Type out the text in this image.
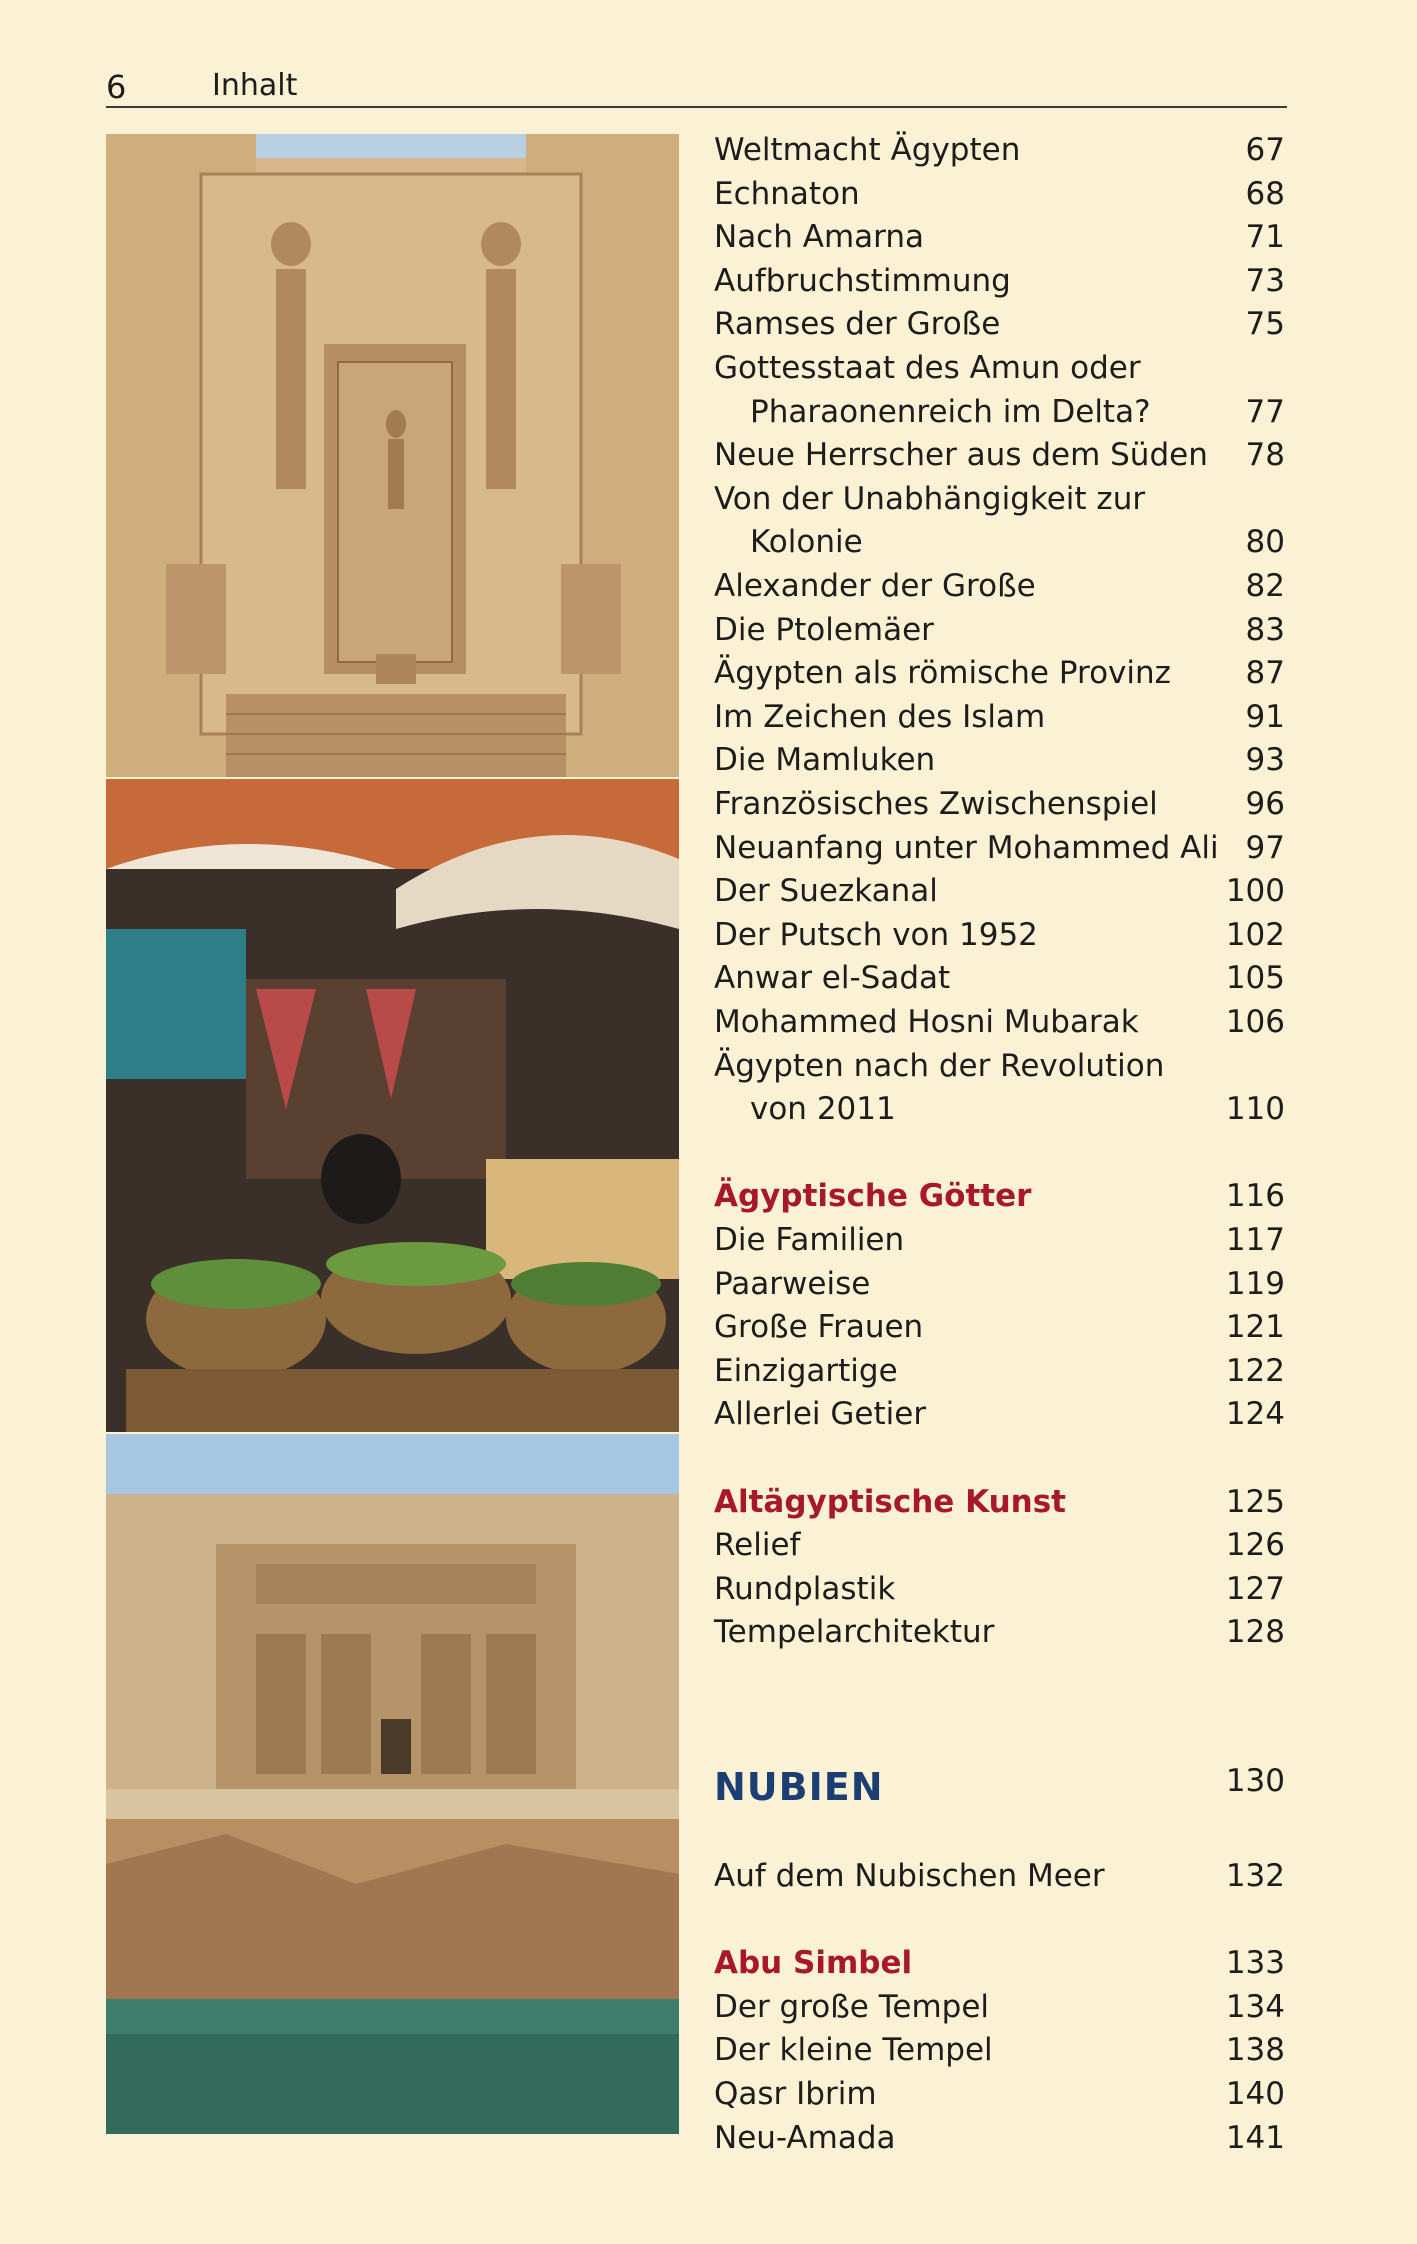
6	Inhalt
Weltmacht Ägypten	67
Echnaton	68
Nach Amarna	71
Aufbruchstimmung	73
Ramses der Große	75
Gottesstaat des Amun oder
Pharaonenreich im Delta?	77
Neue Herrscher aus dem Süden 78
Von der Unabhängigkeit zur
Kolonie	80
Alexander der Große	82
Die Ptolemäer	83
Ägypten als römische Provinz 87
Im Zeichen des Islam	91
Die Mamluken	93
Französisches Zwischenspiel	96
Neuanfang unter Mohammed Ali 97
Der Suezkanal	100
Der Putsch von 1952	102
Anwar el-Sadat	105
Mohammed Hosni Mubarak	106
Ägypten nach der Revolution
von 2011	110
Ägyptische Götter	116
Die Familien	117
Paarweise	119
Große Frauen	121
Einzigartige	122
Allerlei Getier	124
Altägyptische Kunst	125
Relief	126
Rundplastik	127
Tempelarchitektur	128
NUBIEN	130
Auf dem Nubischen Meer	132
Abu Simbel	133
Der große Tempel	134
Der kleine Tempel	138
Qasr Ibrim	140
Neu-Amada	141
